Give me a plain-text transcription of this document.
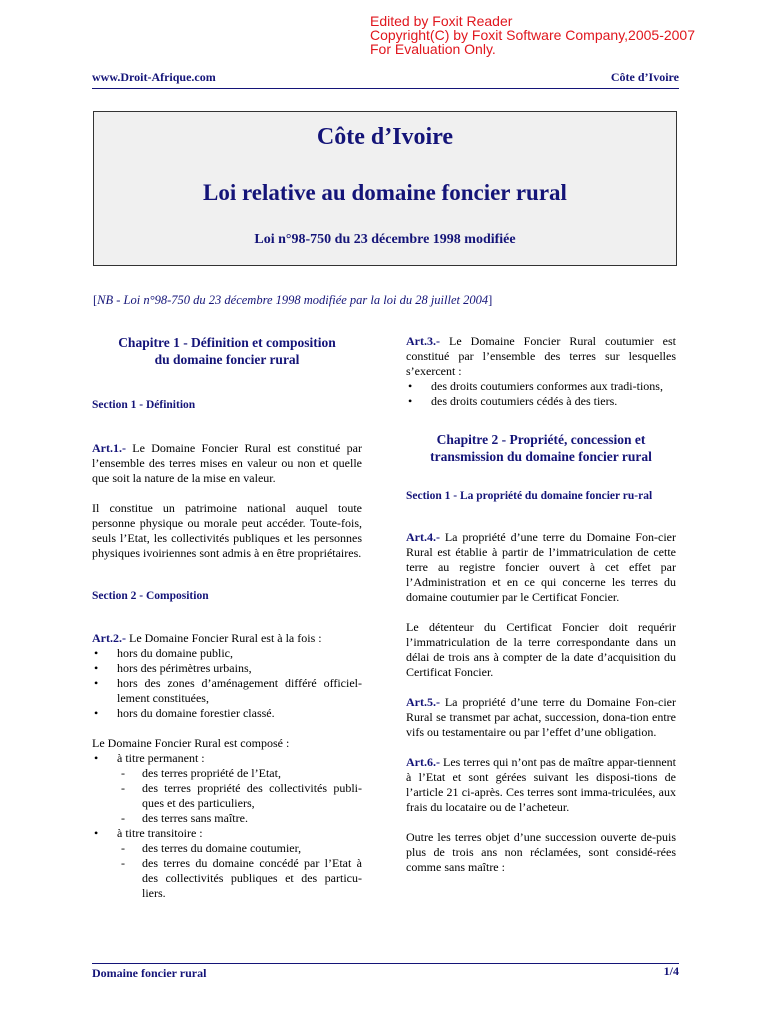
Edited by Foxit Reader
Copyright(C) by Foxit Software Company,2005-2007
For Evaluation Only.
www.Droit-Afrique.com	Côte d’Ivoire
Côte d’Ivoire
Loi relative au domaine foncier rural
Loi n°98-750 du 23 décembre 1998 modifiée
[NB - Loi n°98-750 du 23 décembre 1998 modifiée par la loi du 28 juillet 2004]

Chapitre 1 - Définition et composition
du domaine foncier rural

Section 1 - Définition

Art.1.- Le Domaine Foncier Rural est constitué par l’ensemble des terres mises en valeur ou non et quelle que soit la nature de la mise en valeur.

Il constitue un patrimoine national auquel toute personne physique ou morale peut accéder. Toute-fois, seuls l’Etat, les collectivités publiques et les personnes physiques ivoiriennes sont admis à en être propriétaires.

Section 2 - Composition

Art.2.- Le Domaine Foncier Rural est à la fois :

• hors du domaine public,
• hors des périmètres urbains,
• hors des zones d’aménagement différé officiel-lement constituées,
• hors du domaine forestier classé.

Le Domaine Foncier Rural est composé :

• à titre permanent :
- des terres propriété de l’Etat,
- des terres propriété des collectivités publi-ques et des particuliers,
- des terres sans maître.
• à titre transitoire :
- des terres du domaine coutumier,
- des terres du domaine concédé par l’Etat à des collectivités publiques et des particu-liers.

Art.3.- Le Domaine Foncier Rural coutumier est constitué par l’ensemble des terres sur lesquelles s’exercent :

• des droits coutumiers conformes aux tradi-tions,
• des droits coutumiers cédés à des tiers.

Chapitre 2 - Propriété, concession et
transmission du domaine foncier rural

Section 1 - La propriété du domaine foncier ru-ral

Art.4.- La propriété d’une terre du Domaine Fon-cier Rural est établie à partir de l’immatriculation de cette terre au registre foncier ouvert à cet effet par l’Administration et en ce qui concerne les terres du domaine coutumier par le Certificat Foncier.

Le détenteur du Certificat Foncier doit requérir l’immatriculation de la terre correspondante dans un délai de trois ans à compter de la date d’acquisition du Certificat Foncier.

Art.5.- La propriété d’une terre du Domaine Fon-cier Rural se transmet par achat, succession, dona-tion entre vifs ou testamentaire ou par l’effet d’une obligation.

Art.6.- Les terres qui n’ont pas de maître appar-tiennent à l’Etat et sont gérées suivant les disposi-tions de l’article 21 ci-après. Ces terres sont imma-triculées, aux frais du locataire ou de l’acheteur.

Outre les terres objet d’une succession ouverte de-puis plus de trois ans non réclamées, sont considé-rées comme sans maître :

Domaine foncier rural	1/4
